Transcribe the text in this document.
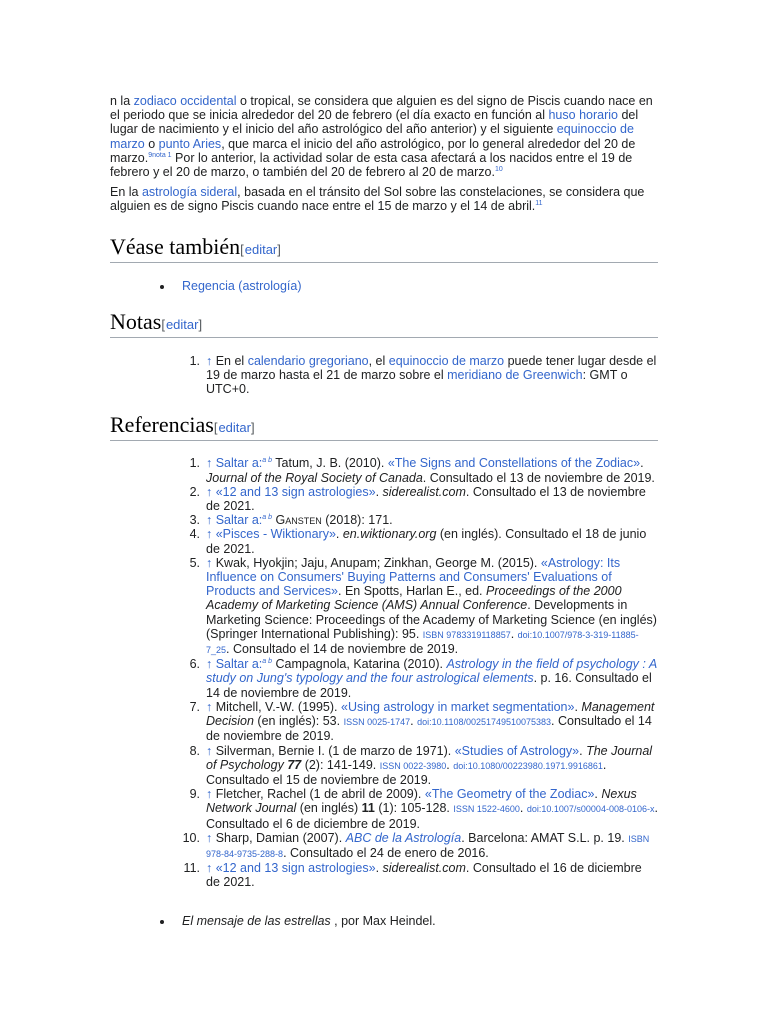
n la zodiaco occidental o tropical, se considera que alguien es del signo de Piscis cuando nace en el periodo que se inicia alrededor del 20 de febrero (el día exacto en función al huso horario del lugar de nacimiento y el inicio del año astrológico del año anterior) y el siguiente equinoccio de marzo o punto Aries, que marca el inicio del año astrológico, por lo general alrededor del 20 de marzo.$^{9nota 1}$ Por lo anterior, la actividad solar de esta casa afectará a los nacidos entre el 19 de febrero y el 20 de marzo, o también del 20 de febrero al 20 de marzo.$^{10}$

En la astrología sideral, basada en el tránsito del Sol sobre las constelaciones, se considera que alguien es de signo Piscis cuando nace entre el 15 de marzo y el 14 de abril.$^{11}$

Véase también [ editar ]
Regencia (astrología)
Notas [ editar ]
1. ↑ En el calendario gregoriano, el equinoccio de marzo puede tener lugar desde el 19 de marzo hasta el 21 de marzo sobre el meridiano de Greenwich: GMT o UTC+0.
Referencias [ editar ]
1. ↑ Saltar a:$^{a b}$ Tatum, J. B. (2010). «The Signs and Constellations of the Zodiac». Journal of the Royal Society of Canada. Consultado el 13 de noviembre de 2019.
2. ↑ «12 and 13 sign astrologies». siderealist.com. Consultado el 13 de noviembre de 2021.
3. ↑ Saltar a:$^{a b}$ Gansten (2018): 171.
4. ↑ «Pisces - Wiktionary». en.wiktionary.org (en inglés). Consultado el 18 de junio de 2021.
5. ↑ Kwak, Hyokjin; Jaju, Anupam; Zinkhan, George M. (2015). «Astrology: Its Influence on Consumers' Buying Patterns and Consumers' Evaluations of Products and Services». En Spotts, Harlan E., ed. Proceedings of the 2000 Academy of Marketing Science (AMS) Annual Conference. Developments in Marketing Science: Proceedings of the Academy of Marketing Science (en inglés) (Springer International Publishing): 95. ISBN 9783319118857. doi:10.1007/978-3-319-11885-7_25. Consultado el 14 de noviembre de 2019.
6. ↑ Saltar a:$^{a b}$ Campagnola, Katarina (2010). Astrology in the field of psychology : A study on Jung's typology and the four astrological elements. p. 16. Consultado el 14 de noviembre de 2019.
7. ↑ Mitchell, V.-W. (1995). «Using astrology in market segmentation». Management Decision (en inglés): 53. ISSN 0025-1747. doi:10.1108/00251749510075383. Consultado el 14 de noviembre de 2019.
8. ↑ Silverman, Bernie I. (1 de marzo de 1971). «Studies of Astrology». The Journal of Psychology 77 (2): 141-149. ISSN 0022-3980. doi:10.1080/00223980.1971.9916861. Consultado el 15 de noviembre de 2019.
9. ↑ Fletcher, Rachel (1 de abril de 2009). «The Geometry of the Zodiac». Nexus Network Journal (en inglés) 11 (1): 105-128. ISSN 1522-4600. doi:10.1007/s00004-008-0106-x. Consultado el 6 de diciembre de 2019.
10. ↑ Sharp, Damian (2007). ABC de la Astrología. Barcelona: AMAT S.L. p. 19. ISBN 978-84-9735-288-8. Consultado el 24 de enero de 2016.
11. ↑ «12 and 13 sign astrologies». siderealist.com. Consultado el 16 de diciembre de 2021.
El mensaje de las estrellas , por Max Heindel.
